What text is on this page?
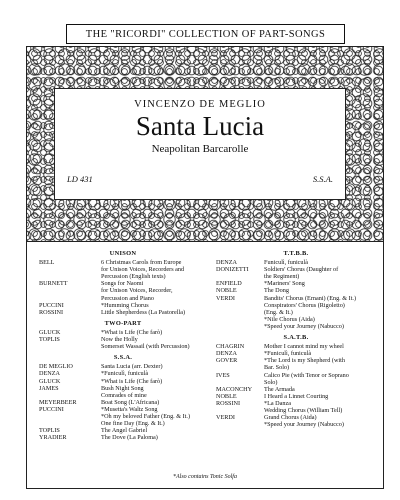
THE "RICORDI" COLLECTION OF PART-SONGS
VINCENZO DE MEGLIO
Santa Lucia
Neapolitan Barcarolle
LD 431	S.S.A.
UNISON
BELL	6 Christmas Carols from Europe
for Unison Voices, Recorders and
Percussion (English texts)
BURNETT	Songs for Naomi
for Unison Voices, Recorder,
Percussion and Piano
PUCCINI	*Humming Chorus
ROSSINI	Little Shepherdess (La Pastorella)
TWO-PART
GLUCK	*What is Life (Che farò)
TOPLIS	Now the Holly
Somerset Wassail (with Percussion)
S.S.A.
DE MEGLIO	Santa Lucia (arr. Dexter)
DENZA	*Funiculì, funiculà
GLUCK	*What is Life (Che farò)
JAMES	Bush Night Song
Comrades of mine
MEYERBEER	Boat Song (L'Africana)
PUCCINI	*Musetta's Waltz Song
*Oh my beloved Father (Eng. & It.)
One fine Day (Eng. & It.)
TOPLIS	The Angel Gabriel
YRADIER	The Dove (La Paloma)
T.T.B.B.
DENZA	Funiculì, funiculà
DONIZETTI	Soldiers' Chorus (Daughter of
the Regiment)
ENFIELD	*Mariners' Song
NOBLE	The Dong
VERDI	Bandits' Chorus (Ernani) (Eng. & It.)
Conspirators' Chorus (Rigoletto)
(Eng. & It.)
*Nile Chorus (Aida)
*Speed your Journey (Nabucco)
S.A.T.B.
CHAGRIN	Mother I cannot mind my wheel
DENZA	*Funiculì, funiculà
GOVER	*The Lord is my Shepherd (with
Bar. Solo)
IVES	Calico Pie (with Tenor or Soprano
Solo)
MACONCHY	The Armada
NOBLE	I Heard a Linnet Courting
ROSSINI	*La Danza
Wedding Chorus (William Tell)
VERDI	Grand Chorus (Aida)
*Speed your Journey (Nabucco)
*Also contains Tonic Solfa
